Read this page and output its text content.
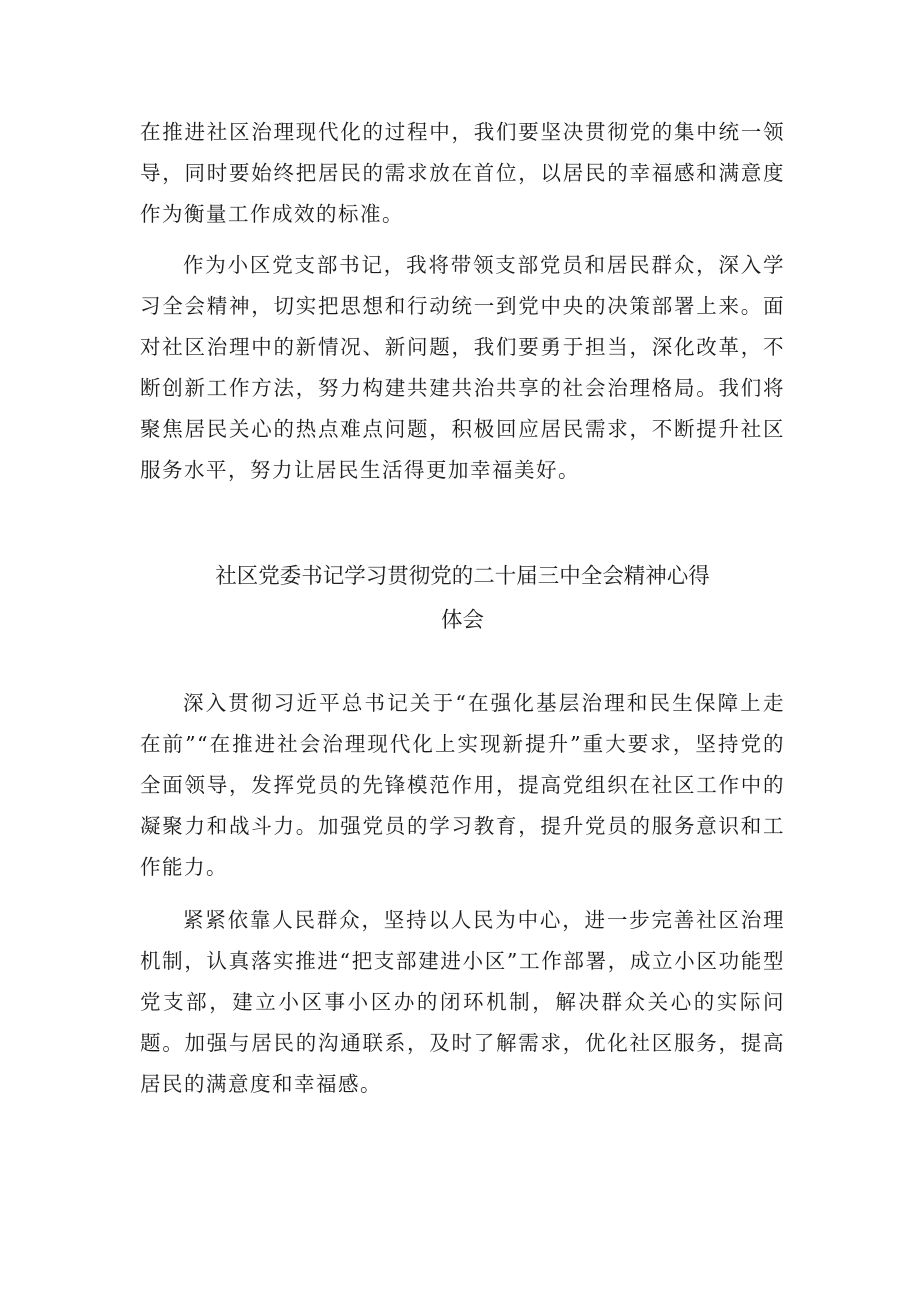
在推进社区治理现代化的过程中，我们要坚决贯彻党的集中统一领导，同时要始终把居民的需求放在首位，以居民的幸福感和满意度作为衡量工作成效的标准。

作为小区党支部书记，我将带领支部党员和居民群众，深入学习全会精神，切实把思想和行动统一到党中央的决策部署上来。面对社区治理中的新情况、新问题，我们要勇于担当，深化改革，不断创新工作方法，努力构建共建共治共享的社会治理格局。我们将聚焦居民关心的热点难点问题，积极回应居民需求，不断提升社区服务水平，努力让居民生活得更加幸福美好。

社区党委书记学习贯彻党的二十届三中全会精神心得
体会

深入贯彻习近平总书记关于“在强化基层治理和民生保障上走在前”“在推进社会治理现代化上实现新提升”重大要求，坚持党的全面领导，发挥党员的先锋模范作用，提高党组织在社区工作中的凝聚力和战斗力。加强党员的学习教育，提升党员的服务意识和工作能力。

紧紧依靠人民群众，坚持以人民为中心，进一步完善社区治理机制，认真落实推进“把支部建进小区”工作部署，成立小区功能型党支部，建立小区事小区办的闭环机制，解决群众关心的实际问题。加强与居民的沟通联系，及时了解需求，优化社区服务，提高居民的满意度和幸福感。
